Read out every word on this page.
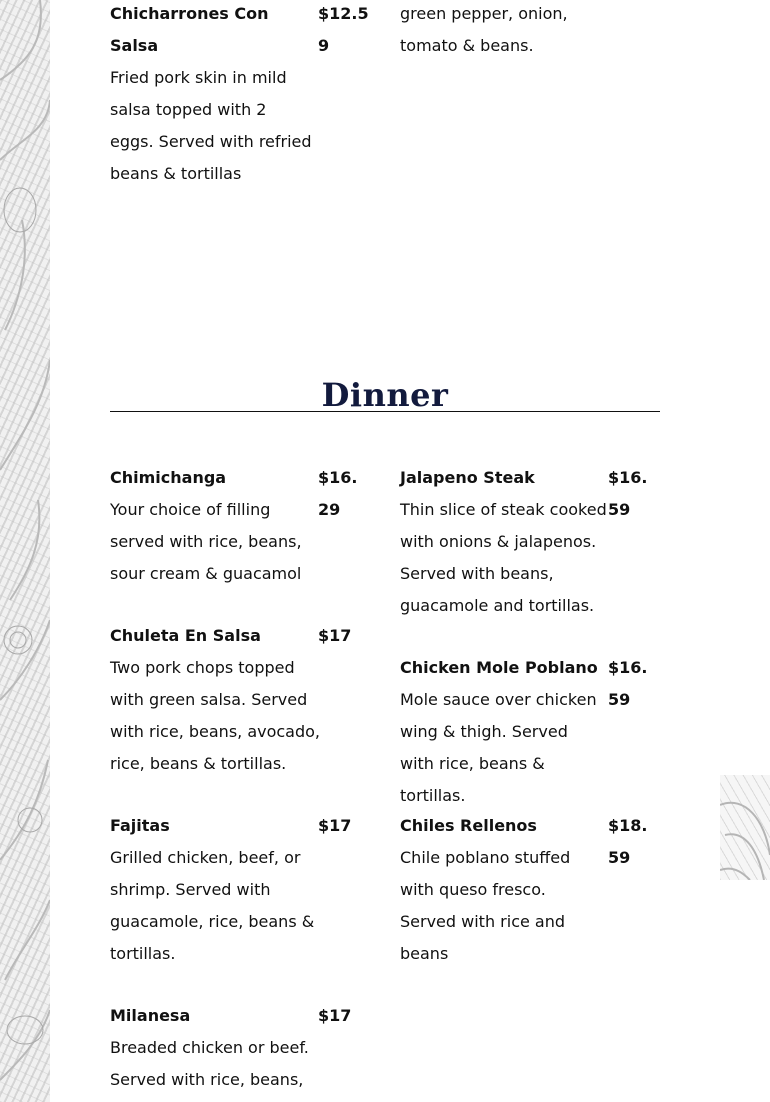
Chicharrones Con Salsa
$12.59
Fried pork skin in mild salsa topped with 2 eggs. Served with refried beans & tortillas
green pepper, onion, tomato & beans.
Dinner
Chimichanga	$16.29
Your choice of filling served with rice, beans, sour cream & guacamol
Chuleta En Salsa	$17
Two pork chops topped with green salsa. Served with rice, beans, avocado, rice, beans & tortillas.
Fajitas	$17
Grilled chicken, beef, or shrimp. Served with guacamole, rice, beans & tortillas.
Milanesa	$17
Breaded chicken or beef. Served with rice, beans,
Jalapeno Steak	$16.59
Thin slice of steak cooked with onions & jalapenos. Served with beans, guacamole and tortillas.
Chicken Mole Poblano $16.59
Mole sauce over chicken wing & thigh. Served with rice, beans & tortillas.
Chiles Rellenos	$18.59
Chile poblano stuffed with queso fresco. Served with rice and beans
